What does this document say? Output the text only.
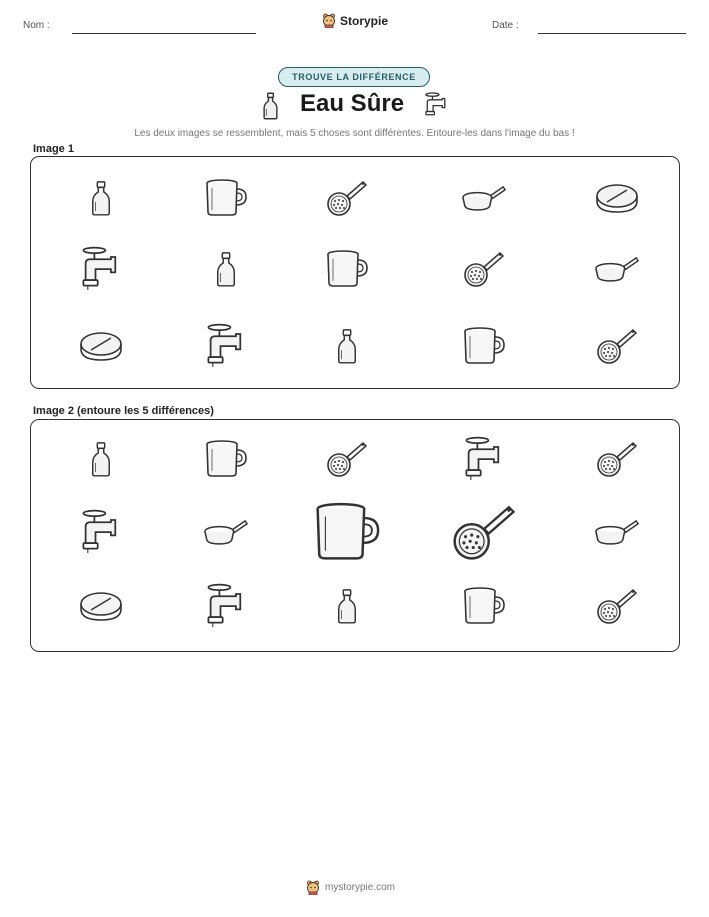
Nom :	Storypie	Date :
TROUVE LA DIFFÉRENCE
Eau Sûre
Les deux images se ressemblent, mais 5 choses sont différentes. Entoure-les dans l'image du bas !
Image 1
Image 2 (entoure les 5 différences)
mystorypie.com
